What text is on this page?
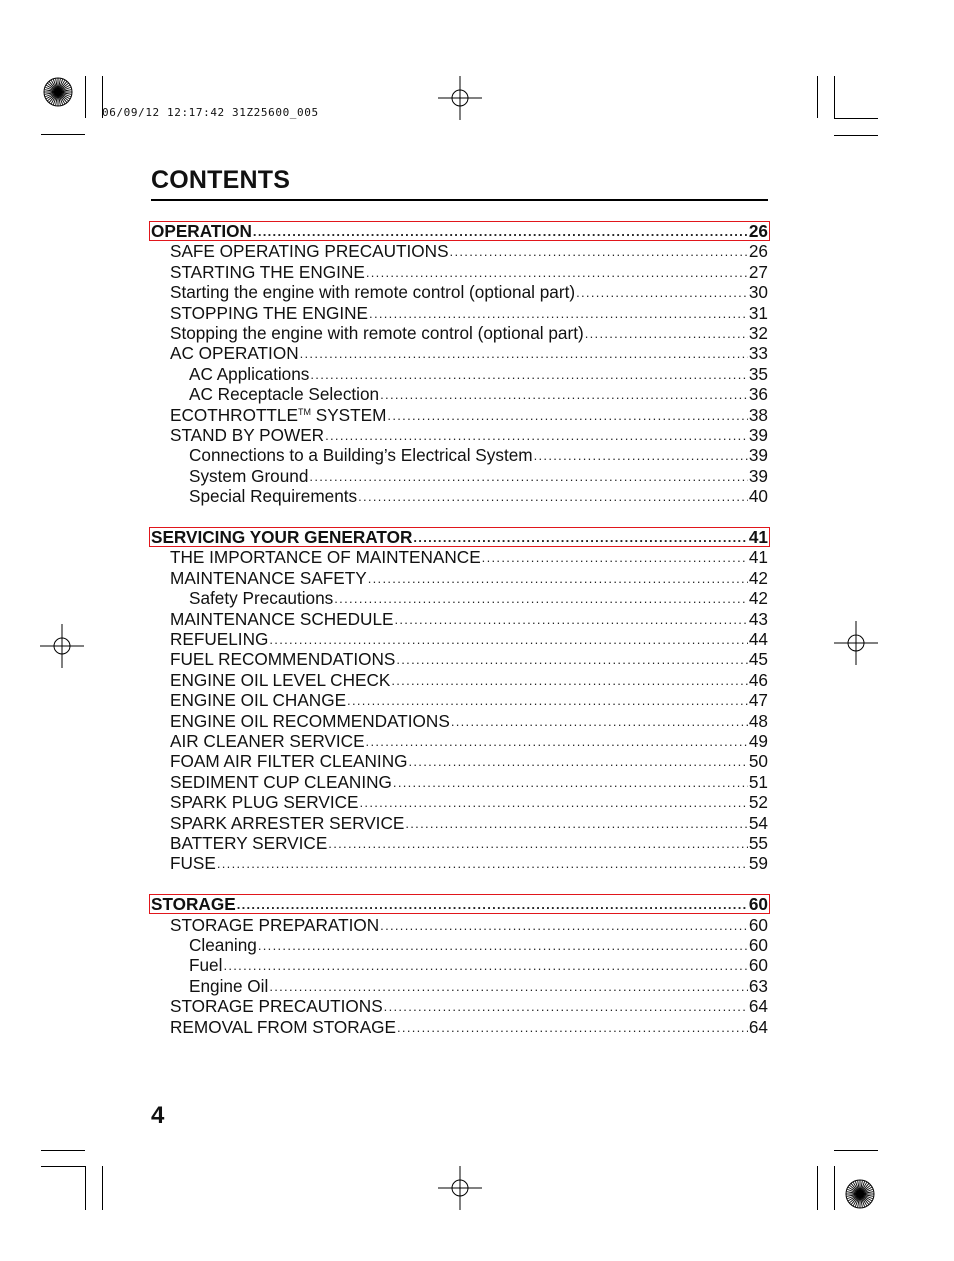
06/09/12 12:17:42 31Z25600_005
CONTENTS
OPERATION .....	26
SAFE OPERATING PRECAUTIONS .....	26
STARTING THE ENGINE .....	27
Starting the engine with remote control (optional part) .....	30
STOPPING THE ENGINE .....	31
Stopping the engine with remote control (optional part) .....	32
AC OPERATION .....	33
AC Applications .....	35
AC Receptacle Selection .....	36
ECOTHROTTLE™ SYSTEM .....	38
STAND BY POWER .....	39
Connections to a Building’s Electrical System .....	39
System Ground .....	39
Special Requirements .....	40
SERVICING YOUR GENERATOR .....	41
THE IMPORTANCE OF MAINTENANCE .....	41
MAINTENANCE SAFETY .....	42
Safety Precautions .....	42
MAINTENANCE SCHEDULE .....	43
REFUELING .....	44
FUEL RECOMMENDATIONS .....	45
ENGINE OIL LEVEL CHECK .....	46
ENGINE OIL CHANGE .....	47
ENGINE OIL RECOMMENDATIONS .....	48
AIR CLEANER SERVICE .....	49
FOAM AIR FILTER CLEANING .....	50
SEDIMENT CUP CLEANING .....	51
SPARK PLUG SERVICE .....	52
SPARK ARRESTER SERVICE .....	54
BATTERY SERVICE .....	55
FUSE .....	59
STORAGE .....	60
STORAGE PREPARATION .....	60
Cleaning .....	60
Fuel .....	60
Engine Oil .....	63
STORAGE PRECAUTIONS .....	64
REMOVAL FROM STORAGE .....	64
4
